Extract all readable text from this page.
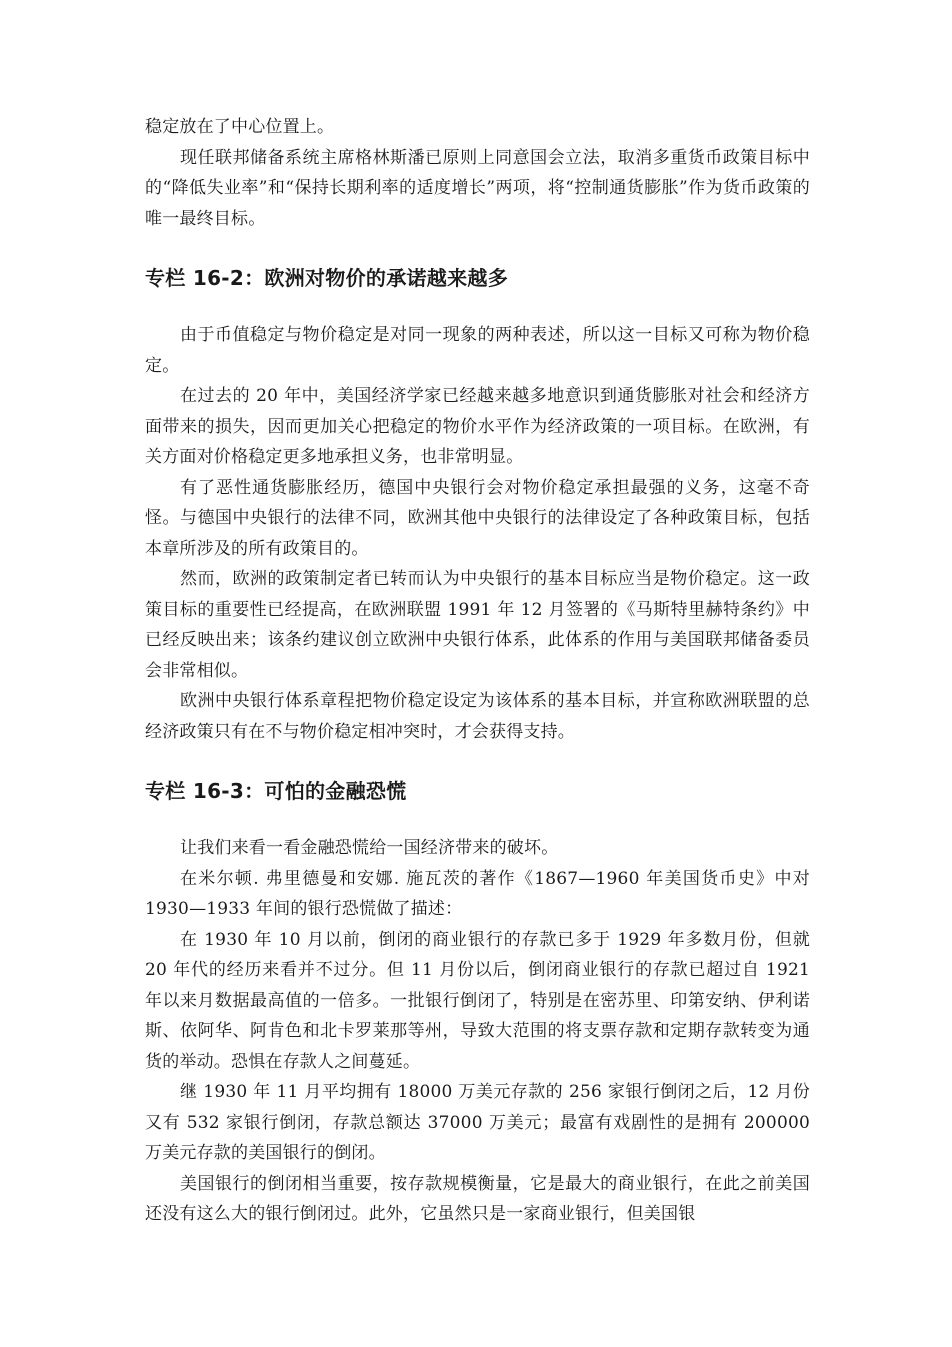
稳定放在了中心位置上。

现任联邦储备系统主席格林斯潘已原则上同意国会立法，取消多重货币政策目标中的“降低失业率”和“保持长期利率的适度增长”两项，将“控制通货膨胀”作为货币政策的唯一最终目标。

专栏 16-2：欧洲对物价的承诺越来越多

由于币值稳定与物价稳定是对同一现象的两种表述，所以这一目标又可称为物价稳定。

在过去的 20 年中，美国经济学家已经越来越多地意识到通货膨胀对社会和经济方面带来的损失，因而更加关心把稳定的物价水平作为经济政策的一项目标。在欧洲，有关方面对价格稳定更多地承担义务，也非常明显。

有了恶性通货膨胀经历，德国中央银行会对物价稳定承担最强的义务，这毫不奇怪。与德国中央银行的法律不同，欧洲其他中央银行的法律设定了各种政策目标，包括本章所涉及的所有政策目的。

然而，欧洲的政策制定者已转而认为中央银行的基本目标应当是物价稳定。这一政策目标的重要性已经提高，在欧洲联盟 1991 年 12 月签署的《马斯特里赫特条约》中已经反映出来；该条约建议创立欧洲中央银行体系，此体系的作用与美国联邦储备委员会非常相似。

欧洲中央银行体系章程把物价稳定设定为该体系的基本目标，并宣称欧洲联盟的总经济政策只有在不与物价稳定相冲突时，才会获得支持。

专栏 16-3：可怕的金融恐慌

让我们来看一看金融恐慌给一国经济带来的破坏。

在米尔顿. 弗里德曼和安娜. 施瓦茨的著作《1867—1960 年美国货币史》中对 1930—1933 年间的银行恐慌做了描述：

在 1930 年 10 月以前，倒闭的商业银行的存款已多于 1929 年多数月份，但就 20 年代的经历来看并不过分。但 11 月份以后，倒闭商业银行的存款已超过自 1921 年以来月数据最高值的一倍多。一批银行倒闭了，特别是在密苏里、印第安纳、伊利诺斯、依阿华、阿肯色和北卡罗莱那等州，导致大范围的将支票存款和定期存款转变为通货的举动。恐惧在存款人之间蔓延。

继 1930 年 11 月平均拥有 18000 万美元存款的 256 家银行倒闭之后，12 月份又有 532 家银行倒闭，存款总额达 37000 万美元；最富有戏剧性的是拥有 200000 万美元存款的美国银行的倒闭。

美国银行的倒闭相当重要，按存款规模衡量，它是最大的商业银行，在此之前美国还没有这么大的银行倒闭过。此外，它虽然只是一家商业银行，但美国银
